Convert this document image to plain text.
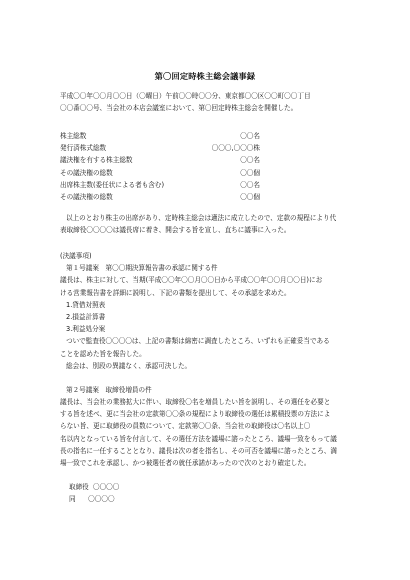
第〇回定時株主総会議事録
平成〇〇年〇〇月〇〇日（〇曜日）午前〇〇時〇〇分、東京都〇〇区〇〇町〇〇丁目
〇〇番〇〇号、当会社の本店会議室において、第〇回定時株主総会を開催した。
株主総数	〇〇名
発行済株式総数	〇〇〇,〇〇〇株
議決権を有する株主総数	〇〇名
その議決権の総数	〇〇個
出席株主数(委任状による者も含む)	〇〇名
その議決権の総数	〇〇個
以上のとおり株主の出席があり、定時株主総会は適法に成立したので、定款の規程により代
表取締役〇〇〇〇は議長席に着き、開会する旨を宣し、直ちに議事に入った。
(決議事項)
第１号議案　第〇〇期決算報告書の承認に関する件
議長は、株主に対して、当期(平成〇〇年〇〇月〇〇日から平成〇〇年〇〇月〇〇日)にお
ける営業報告書を詳細に説明し、下記の書類を提出して、その承認を求めた。
1.貸借対照表
2.損益計算書
3.利益処分案
ついで監査役〇〇〇〇は、上記の書類は綿密に調査したところ、いずれも正確妥当である
ことを認めた旨を報告した。
総会は、別段の異議なく、承認可決した。
第２号議案　取締役増員の件
議長は、当会社の業務拡大に伴い、取締役〇名を増員したい旨を説明し、その選任を必要と
する旨を述べ、更に当会社の定款第〇〇条の規程により取締役の選任は累積投票の方法によ
らない旨、更に取締役の員数について、定款第〇〇条、当会社の取締役は〇名以上〇
名以内となっている旨を付言して、その選任方法を議場に諮ったところ、議場一致をもって議
長の指名に一任することとなり、議長は次の者を指名し、その可否を議場に諮ったところ、満
場一致でこれを承認し、かつ被選任者の就任承諾があったので次のとおり確定した。
取締役 〇〇〇〇
同 〇〇〇〇
